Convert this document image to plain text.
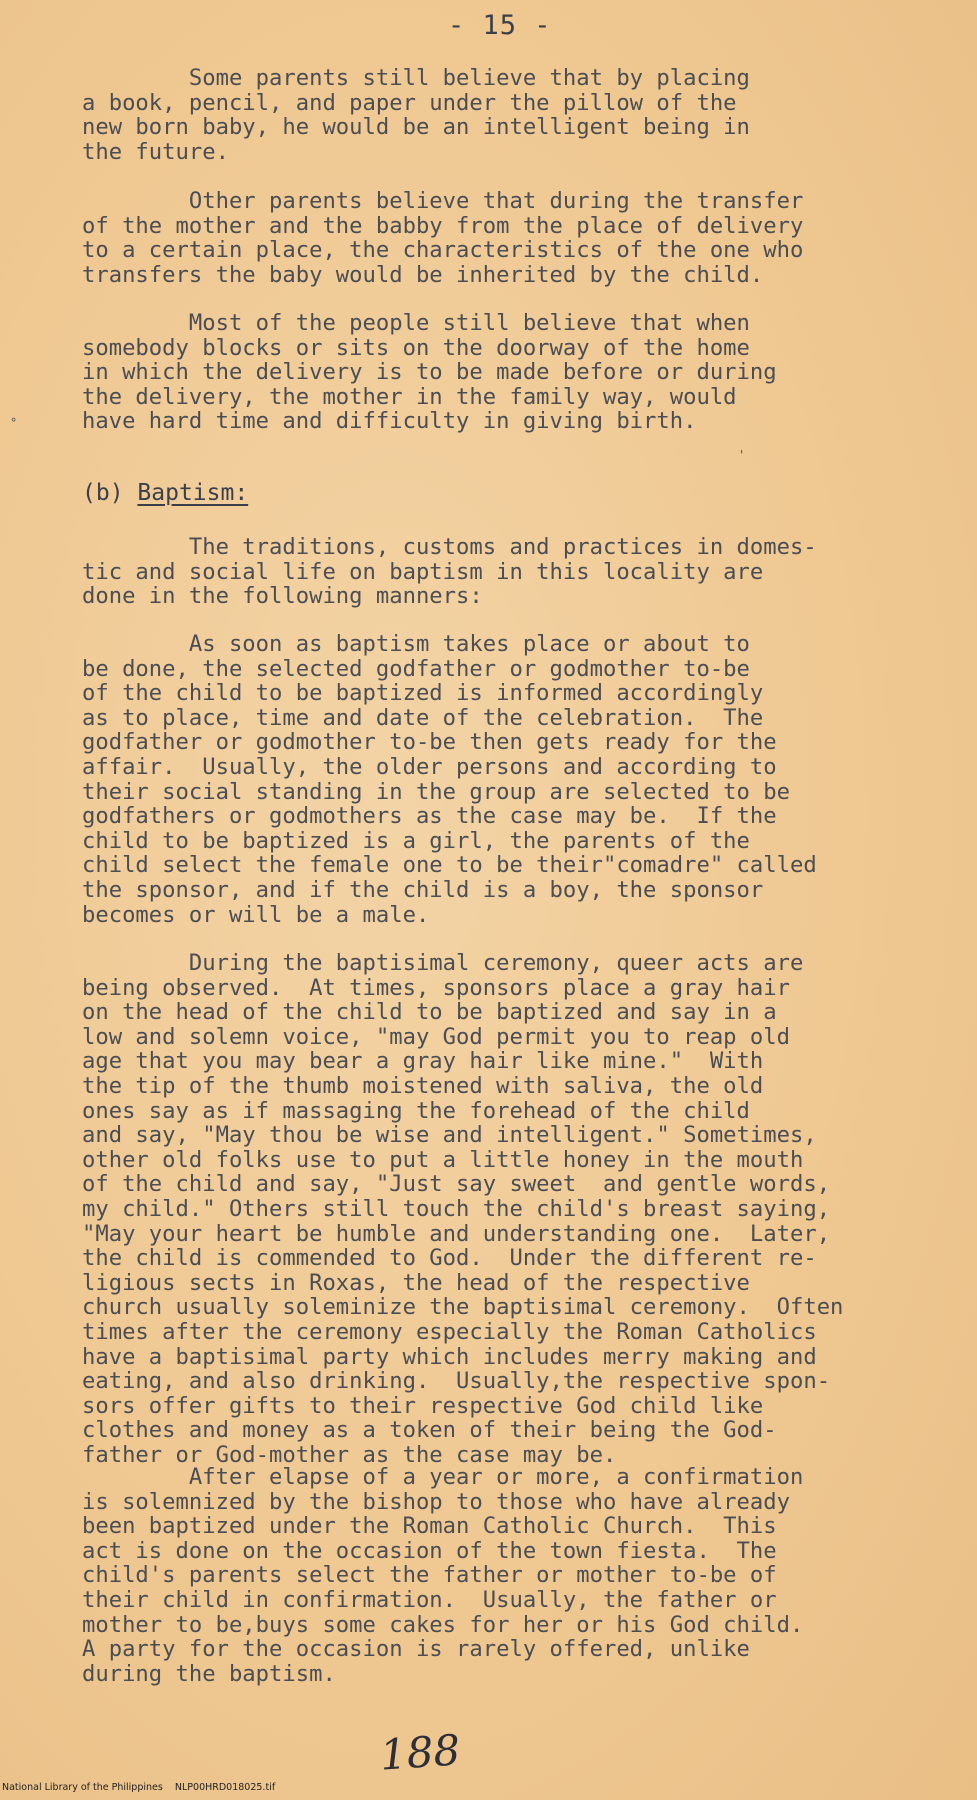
- 15 -
Some parents still believe that by placing
a book, pencil, and paper under the pillow of the
new born baby, he would be an intelligent being in
the future.
Other parents believe that during the transfer
of the mother and the babby from the place of delivery
to a certain place, the characteristics of the one who
transfers the baby would be inherited by the child.
Most of the people still believe that when
somebody blocks or sits on the doorway of the home
in which the delivery is to be made before or during
the delivery, the mother in the family way, would
have hard time and difficulty in giving birth.
°
'
(b) Baptism:
The traditions, customs and practices in domes-
tic and social life on baptism in this locality are
done in the following manners:
As soon as baptism takes place or about to
be done, the selected godfather or godmother to-be
of the child to be baptized is informed accordingly
as to place, time and date of the celebration.  The
godfather or godmother to-be then gets ready for the
affair.  Usually, the older persons and according to
their social standing in the group are selected to be
godfathers or godmothers as the case may be.  If the
child to be baptized is a girl, the parents of the
child select the female one to be their"comadre" called
the sponsor, and if the child is a boy, the sponsor
becomes or will be a male.
During the baptisimal ceremony, queer acts are
being observed.  At times, sponsors place a gray hair
on the head of the child to be baptized and say in a
low and solemn voice, "may God permit you to reap old
age that you may bear a gray hair like mine."  With
the tip of the thumb moistened with saliva, the old
ones say as if massaging the forehead of the child
and say, "May thou be wise and intelligent." Sometimes,
other old folks use to put a little honey in the mouth
of the child and say, "Just say sweet  and gentle words,
my child." Others still touch the child's breast saying,
"May your heart be humble and understanding one.  Later,
the child is commended to God.  Under the different re-
ligious sects in Roxas, the head of the respective
church usually soleminize the baptisimal ceremony.  Often
times after the ceremony especially the Roman Catholics
have a baptisimal party which includes merry making and
eating, and also drinking.  Usually,the respective spon-
sors offer gifts to their respective God child like
clothes and money as a token of their being the God-
father or God-mother as the case may be.
After elapse of a year or more, a confirmation
is solemnized by the bishop to those who have already
been baptized under the Roman Catholic Church.  This
act is done on the occasion of the town fiesta.  The
child's parents select the father or mother to-be of
their child in confirmation.  Usually, the father or
mother to be,buys some cakes for her or his God child.
A party for the occasion is rarely offered, unlike
during the baptism.
188
National Library of the Philippines    NLP00HRD018025.tif
